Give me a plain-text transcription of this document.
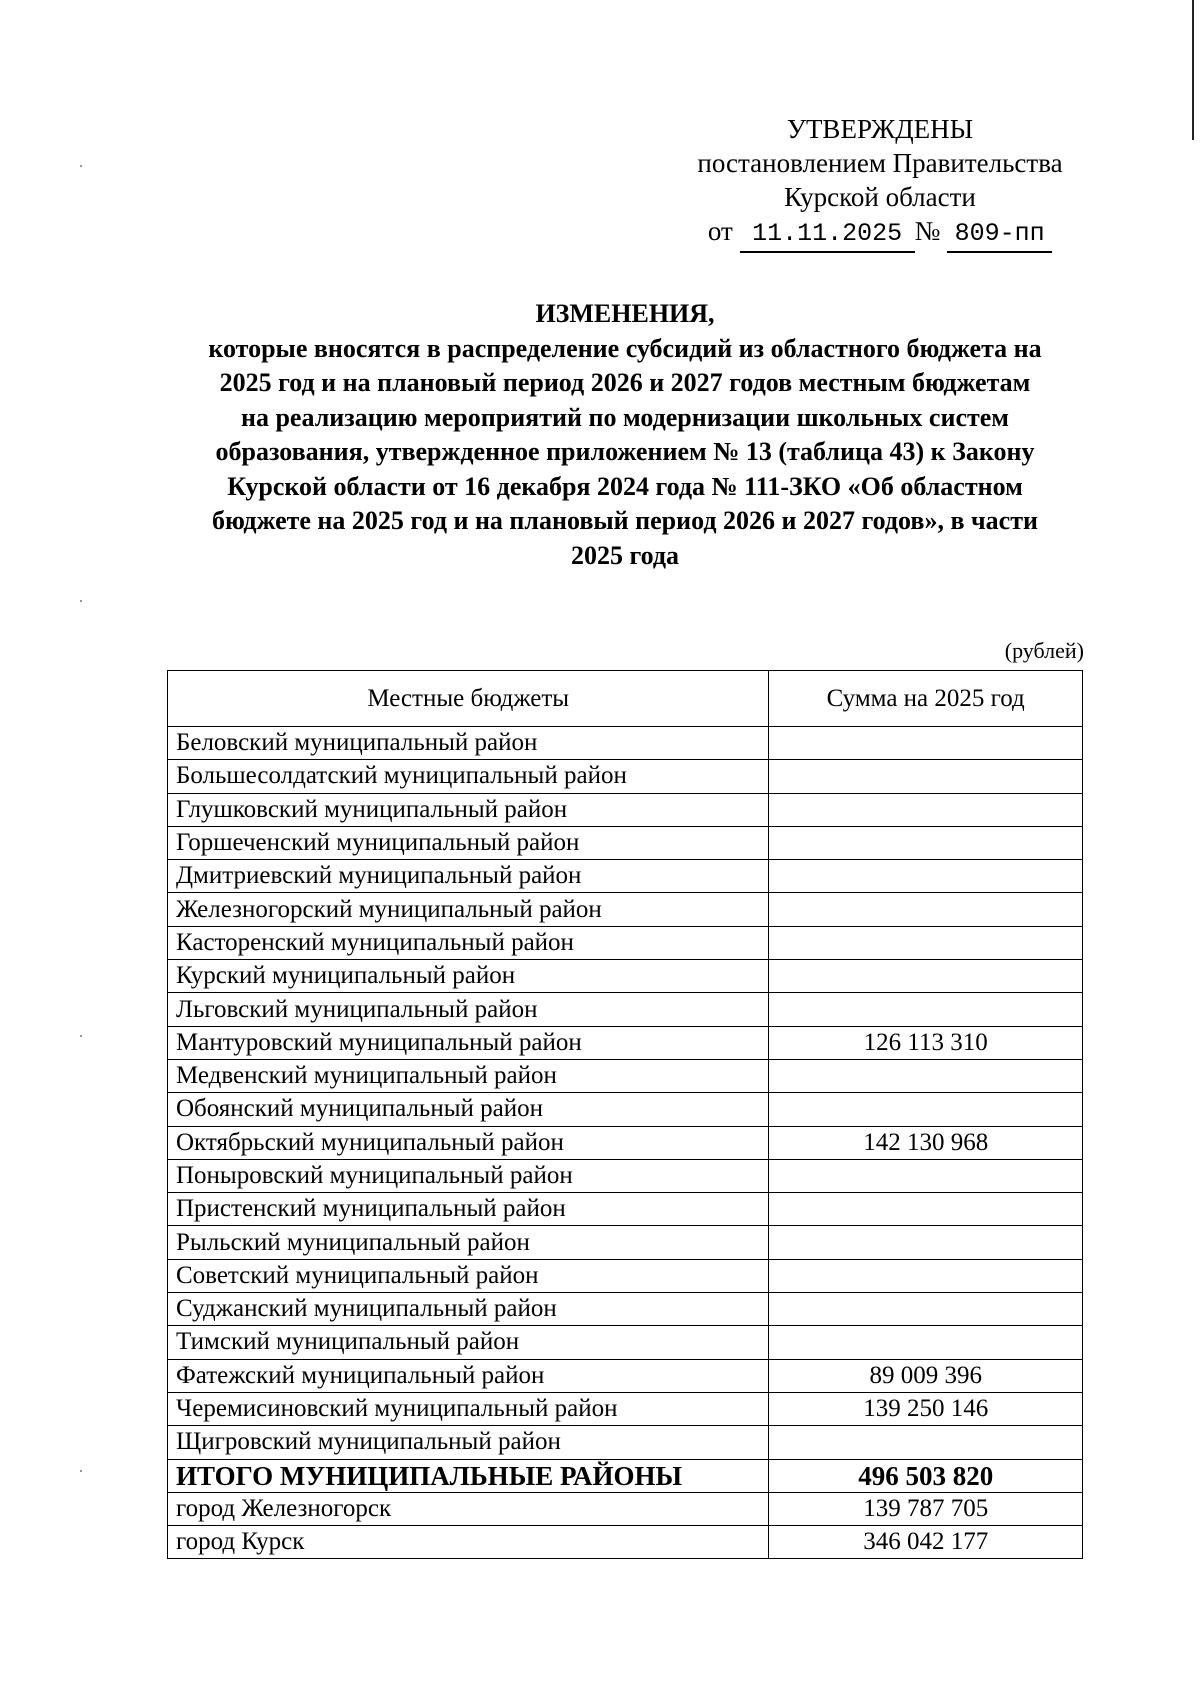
УТВЕРЖДЕНЫ
постановлением Правительства
Курской области
от 11.11.2025 № 809-пп
ИЗМЕНЕНИЯ,
которые вносятся в распределение субсидий из областного бюджета на
2025 год и на плановый период 2026 и 2027 годов местным бюджетам
на реализацию мероприятий по модернизации школьных систем
образования, утвержденное приложением № 13 (таблица 43) к Закону
Курской области от 16 декабря 2024 года № 111-ЗКО «Об областном
бюджете на 2025 год и на плановый период 2026 и 2027 годов», в части
2025 года
(рублей)
Местные бюджеты	Сумма на 2025 год
Беловский муниципальный район	
Большесолдатский муниципальный район	
Глушковский муниципальный район	
Горшеченский муниципальный район	
Дмитриевский муниципальный район	
Железногорский муниципальный район	
Касторенский муниципальный район	
Курский муниципальный район	
Льговский муниципальный район	
Мантуровский муниципальный район	126 113 310
Медвенский муниципальный район	
Обоянский муниципальный район	
Октябрьский муниципальный район	142 130 968
Поныровский муниципальный район	
Пристенский муниципальный район	
Рыльский муниципальный район	
Советский муниципальный район	
Суджанский муниципальный район	
Тимский муниципальный район	
Фатежский муниципальный район	89 009 396
Черемисиновский муниципальный район	139 250 146
Щигровский муниципальный район	
ИТОГО МУНИЦИПАЛЬНЫЕ РАЙОНЫ	496 503 820
город Железногорск	139 787 705
город Курск	346 042 177
